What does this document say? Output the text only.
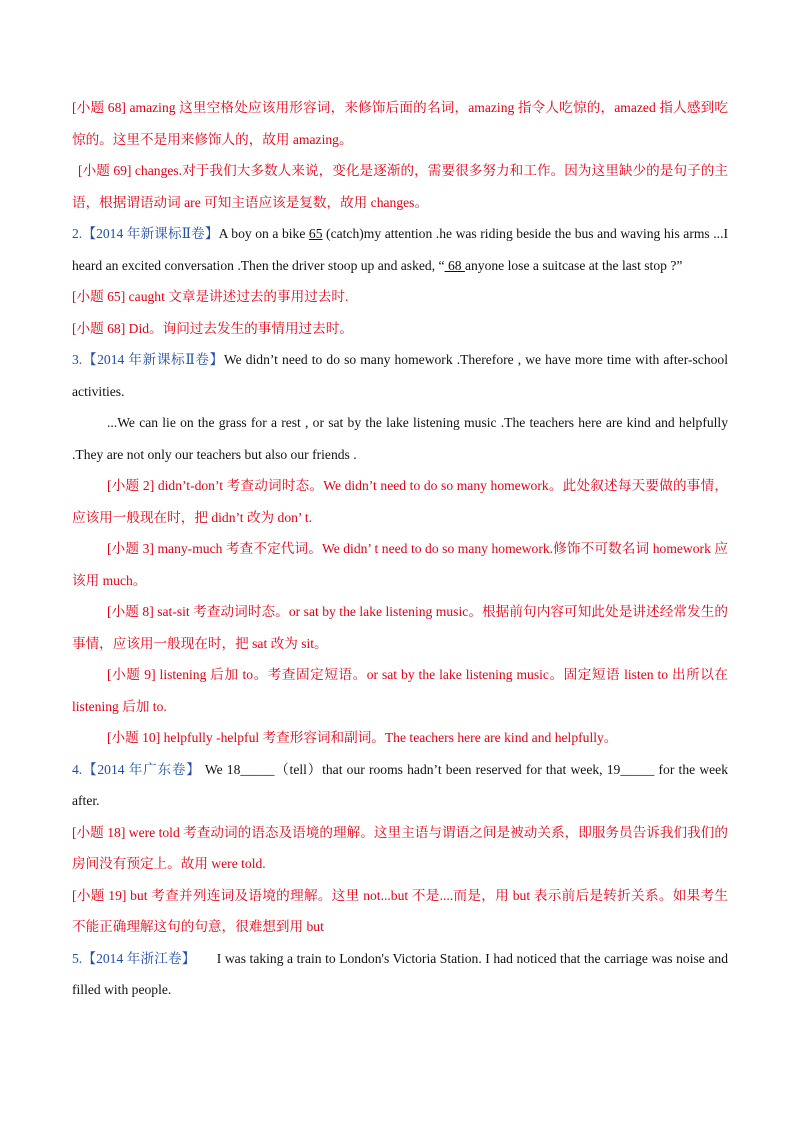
[小题 68] amazing 这里空格处应该用形容词，来修饰后面的名词，amazing 指令人吃惊的，amazed 指人感到吃惊的。这里不是用来修饰人的，故用 amazing。

[小题 69] changes.对于我们大多数人来说，变化是逐渐的，需要很多努力和工作。因为这里缺少的是句子的主语，根据谓语动词 are 可知主语应该是复数，故用 changes。

2.【2014 年新课标Ⅱ卷】A boy on a bike 65 (catch)my attention .he was riding beside the bus and waving his arms ...I heard an excited conversation .Then the driver stoop up and asked, “ 68 anyone lose a suitcase at the last stop ?”

[小题 65] caught 文章是讲述过去的事用过去时.

[小题 68] Did。询问过去发生的事情用过去时。

3.【2014 年新课标Ⅱ卷】We didn’t need to do so many homework .Therefore , we have more time with after-school activities.

...We can lie on the grass for a rest , or sat by the lake listening music .The teachers here are kind and helpfully .They are not only our teachers but also our friends .

[小题 2] didn’t-don’t 考查动词时态。We didn’t need to do so many homework。此处叙述每天要做的事情，应该用一般现在时，把 didn’t 改为 don’ t.

[小题 3] many-much 考查不定代词。We didn’ t need to do so many homework.修饰不可数名词 homework 应该用 much。

[小题 8] sat-sit 考查动词时态。or sat by the lake listening music。根据前句内容可知此处是讲述经常发生的事情，应该用一般现在时，把 sat 改为 sit。

[小题 9] listening 后加 to。考查固定短语。or sat by the lake listening music。固定短语 listen to 出所以在 listening 后加 to.

[小题 10] helpfully -helpful 考查形容词和副词。The teachers here are kind and helpfully。

4.【2014 年广东卷】 We 18_____（tell）that our rooms hadn’t been reserved for that week, 19_____ for the week after.

[小题 18] were told 考查动词的语态及语境的理解。这里主语与谓语之间是被动关系，即服务员告诉我们我们的房间没有预定上。故用 were told.

[小题 19] but 考查并列连词及语境的理解。这里 not...but 不是....而是，用 but 表示前后是转折关系。如果考生不能正确理解这句的句意，很难想到用 but

5.【2014 年浙江卷】      I was taking a train to London's Victoria Station. I had noticed that the carriage was noise and filled with people.
